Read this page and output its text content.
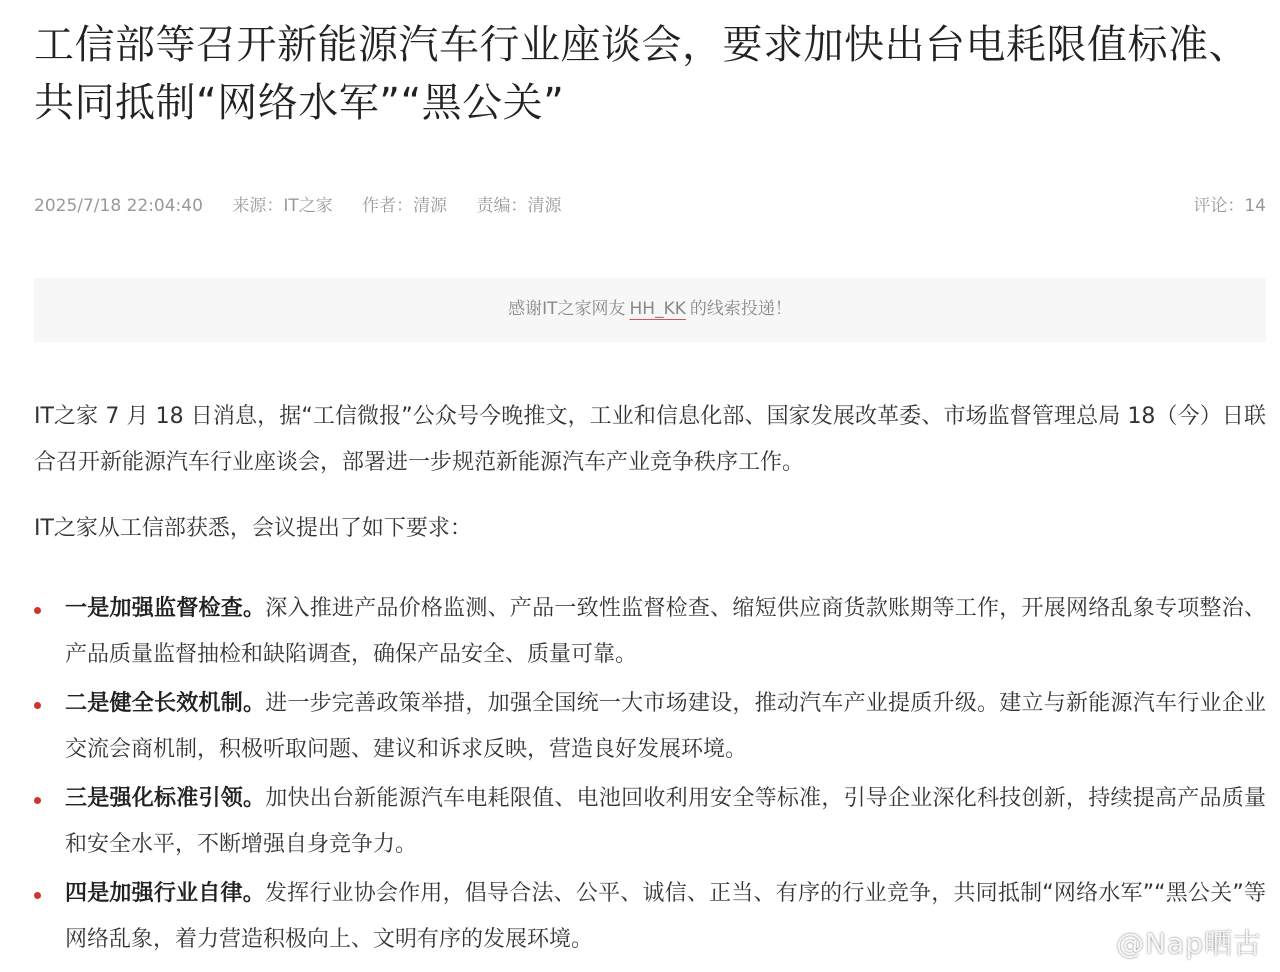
工信部等召开新能源汽车行业座谈会，要求加快出台电耗限值标准、共同抵制“网络水军”“黑公关”
2025/7/18 22:04:40 来源：IT之家 作者：清源 责编：清源	评论：14
感谢IT之家网友 HH_KK 的线索投递！

IT之家 7 月 18 日消息，据“工信微报”公众号今晚推文，工业和信息化部、国家发展改革委、市场监督管理总局 18（今）日联合召开新能源汽车行业座谈会，部署进一步规范新能源汽车产业竞争秩序工作。

IT之家从工信部获悉，会议提出了如下要求：

一是加强监督检查。深入推进产品价格监测、产品一致性监督检查、缩短供应商货款账期等工作，开展网络乱象专项整治、产品质量监督抽检和缺陷调查，确保产品安全、质量可靠。
二是健全长效机制。进一步完善政策举措，加强全国统一大市场建设，推动汽车产业提质升级。建立与新能源汽车行业企业交流会商机制，积极听取问题、建议和诉求反映，营造良好发展环境。
三是强化标准引领。加快出台新能源汽车电耗限值、电池回收利用安全等标准，引导企业深化科技创新，持续提高产品质量和安全水平，不断增强自身竞争力。
四是加强行业自律。发挥行业协会作用，倡导合法、公平、诚信、正当、有序的行业竞争，共同抵制“网络水军”“黑公关”等网络乱象，着力营造积极向上、文明有序的发展环境。	@Nap晒古
